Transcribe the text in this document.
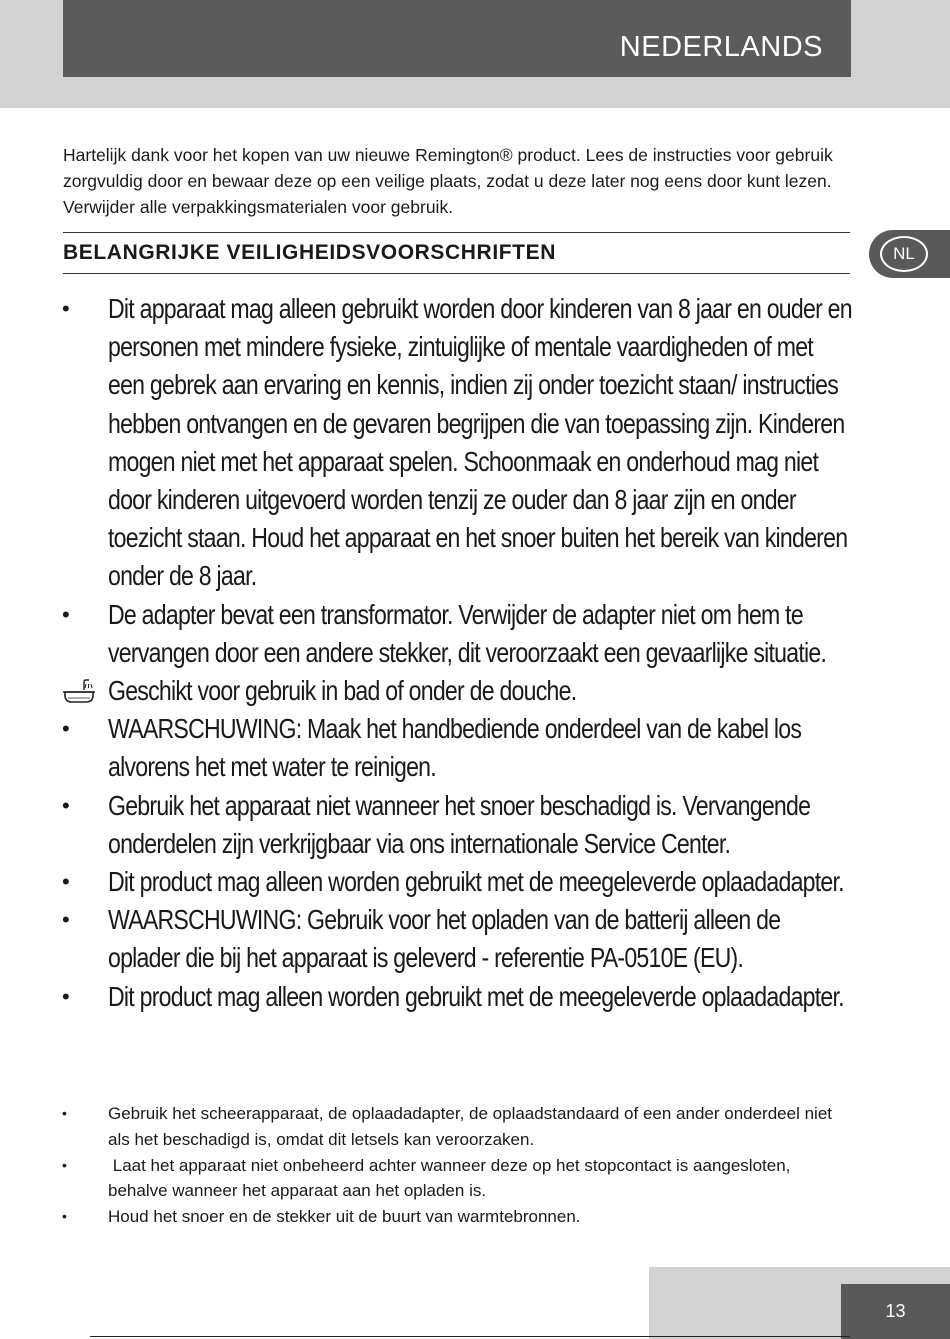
NEDERLANDS
Hartelijk dank voor het kopen van uw nieuwe Remington® product. Lees de instructies voor gebruik zorgvuldig door en bewaar deze op een veilige plaats, zodat u deze later nog eens door kunt lezen. Verwijder alle verpakkingsmaterialen voor gebruik.
BELANGRIJKE VEILIGHEIDSVOORSCHRIFTEN	NL
• Dit apparaat mag alleen gebruikt worden door kinderen van 8 jaar en ouder en personen met mindere fysieke, zintuiglijke of mentale vaardigheden of met een gebrek aan ervaring en kennis, indien zij onder toezicht staan/ instructies hebben ontvangen en de gevaren begrijpen die van toepassing zijn. Kinderen mogen niet met het apparaat spelen. Schoonmaak en onderhoud mag niet door kinderen uitgevoerd worden tenzij ze ouder dan 8 jaar zijn en onder toezicht staan. Houd het apparaat en het snoer buiten het bereik van kinderen onder de 8 jaar.
• De adapter bevat een transformator. Verwijder de adapter niet om hem te vervangen door een andere stekker, dit veroorzaakt een gevaarlijke situatie.
Geschikt voor gebruik in bad of onder de douche.
• WAARSCHUWING: Maak het handbediende onderdeel van de kabel los alvorens het met water te reinigen.
• Gebruik het apparaat niet wanneer het snoer beschadigd is. Vervangende onderdelen zijn verkrijgbaar via ons internationale Service Center.
• Dit product mag alleen worden gebruikt met de meegeleverde oplaadadapter.
• WAARSCHUWING: Gebruik voor het opladen van de batterij alleen de oplader die bij het apparaat is geleverd - referentie PA-0510E (EU).
• Dit product mag alleen worden gebruikt met de meegeleverde oplaadadapter.
• Gebruik het scheerapparaat, de oplaadadapter, de oplaadstandaard of een ander onderdeel niet als het beschadigd is, omdat dit letsels kan veroorzaken.
• Laat het apparaat niet onbeheerd achter wanneer deze op het stopcontact is aangesloten, behalve wanneer het apparaat aan het opladen is.
• Houd het snoer en de stekker uit de buurt van warmtebronnen.
13
